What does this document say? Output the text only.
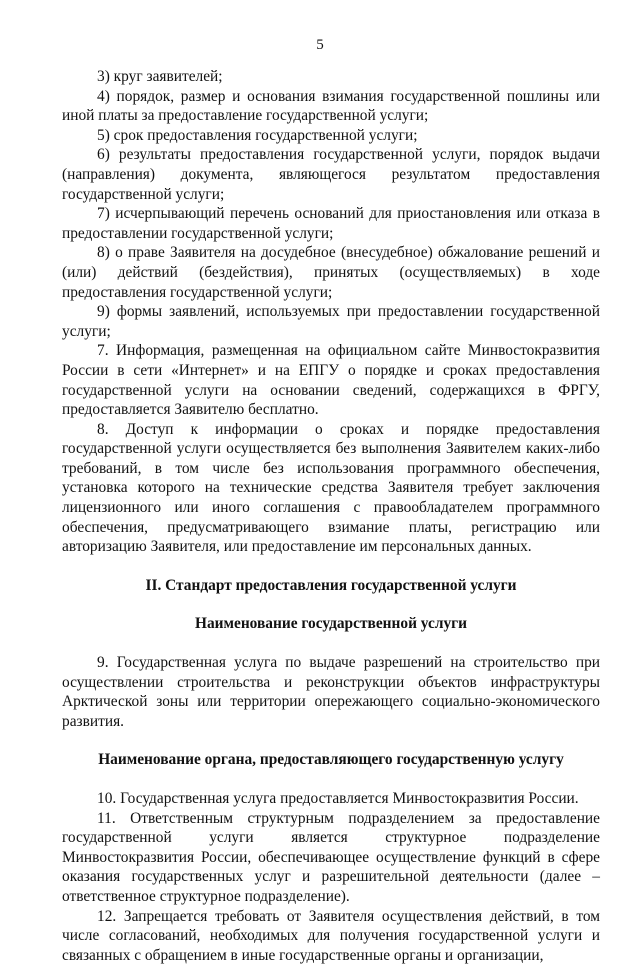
5

3) круг заявителей;

4) порядок, размер и основания взимания государственной пошлины или иной платы за предоставление государственной услуги;

5) срок предоставления государственной услуги;

6) результаты предоставления государственной услуги, порядок выдачи (направления) документа, являющегося результатом предоставления государственной услуги;

7) исчерпывающий перечень оснований для приостановления или отказа в предоставлении государственной услуги;

8) о праве Заявителя на досудебное (внесудебное) обжалование решений и (или) действий (бездействия), принятых (осуществляемых) в ходе предоставления государственной услуги;

9) формы заявлений, используемых при предоставлении государственной услуги;

7. Информация, размещенная на официальном сайте Минвостокразвития России в сети «Интернет» и на ЕПГУ о порядке и сроках предоставления государственной услуги на основании сведений, содержащихся в ФРГУ, предоставляется Заявителю бесплатно.

8. Доступ к информации о сроках и порядке предоставления государственной услуги осуществляется без выполнения Заявителем каких-либо требований, в том числе без использования программного обеспечения, установка которого на технические средства Заявителя требует заключения лицензионного или иного соглашения с правообладателем программного обеспечения, предусматривающего взимание платы, регистрацию или авторизацию Заявителя, или предоставление им персональных данных.

II. Стандарт предоставления государственной услуги
Наименование государственной услуги

9. Государственная услуга по выдаче разрешений на строительство при осуществлении строительства и реконструкции объектов инфраструктуры Арктической зоны или территории опережающего социально-экономического развития.

Наименование органа, предоставляющего государственную услугу

10. Государственная услуга предоставляется Минвостокразвития России.

11. Ответственным структурным подразделением за предоставление государственной услуги является структурное подразделение Минвостокразвития России, обеспечивающее осуществление функций в сфере оказания государственных услуг и разрешительной деятельности (далее – ответственное структурное подразделение).

12. Запрещается требовать от Заявителя осуществления действий, в том числе согласований, необходимых для получения государственной услуги и связанных с обращением в иные государственные органы и организации,
